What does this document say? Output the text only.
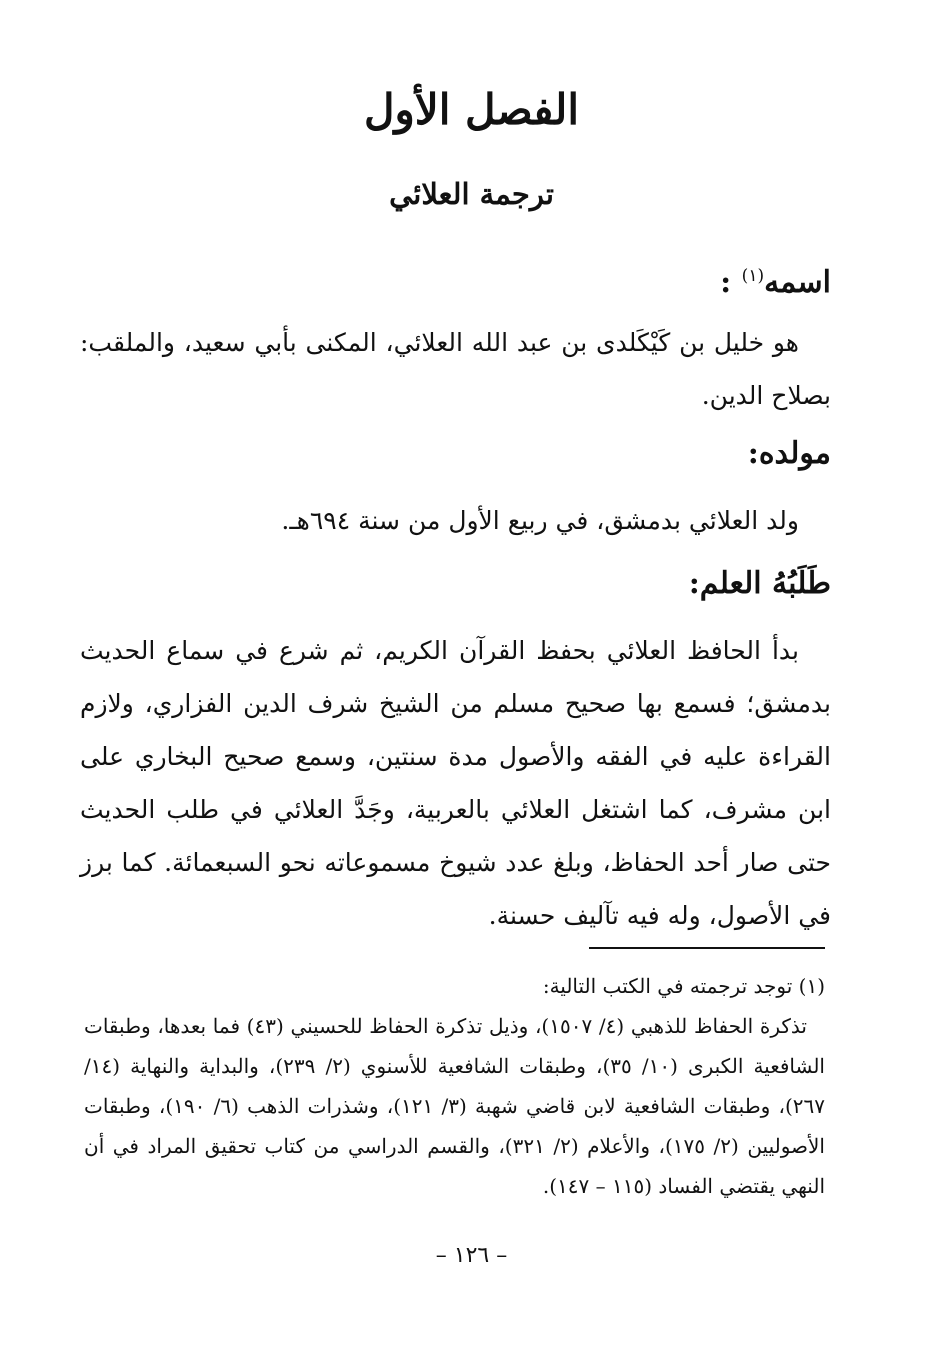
الفصل الأول
ترجمة العلائي
اسمه$^{(١)}$ :

هو خليل بن كَيْكَلدى بن عبد الله العلائي، المكنى بأبي سعيد، والملقب: بصلاح الدين.

مولده:

ولد العلائي بدمشق، في ربيع الأول من سنة ٦٩٤هـ.

طَلَبُهُ العلم:

بدأ الحافظ العلائي بحفظ القرآن الكريم، ثم شرع في سماع الحديث بدمشق؛ فسمع بها صحيح مسلم من الشيخ شرف الدين الفزاري، ولازم القراءة عليه في الفقه والأصول مدة سنتين، وسمع صحيح البخاري على ابن مشرف، كما اشتغل العلائي بالعربية، وجَدَّ العلائي في طلب الحديث حتى صار أحد الحفاظ، وبلغ عدد شيوخ مسموعاته نحو السبعمائة. كما برز في الأصول، وله فيه تآليف حسنة.

(١) توجد ترجمته في الكتب التالية:

تذكرة الحفاظ للذهبي (٤/ ١٥٠٧)، وذيل تذكرة الحفاظ للحسيني (٤٣) فما بعدها، وطبقات الشافعية الكبرى (١٠/ ٣٥)، وطبقات الشافعية للأسنوي (٢/ ٢٣٩)، والبداية والنهاية (١٤/ ٢٦٧)، وطبقات الشافعية لابن قاضي شهبة (٣/ ١٢١)، وشذرات الذهب (٦/ ١٩٠)، وطبقات الأصوليين (٢/ ١٧٥)، والأعلام (٢/ ٣٢١)، والقسم الدراسي من كتاب تحقيق المراد في أن النهي يقتضي الفساد (١١٥ – ١٤٧).

– ١٢٦ –
